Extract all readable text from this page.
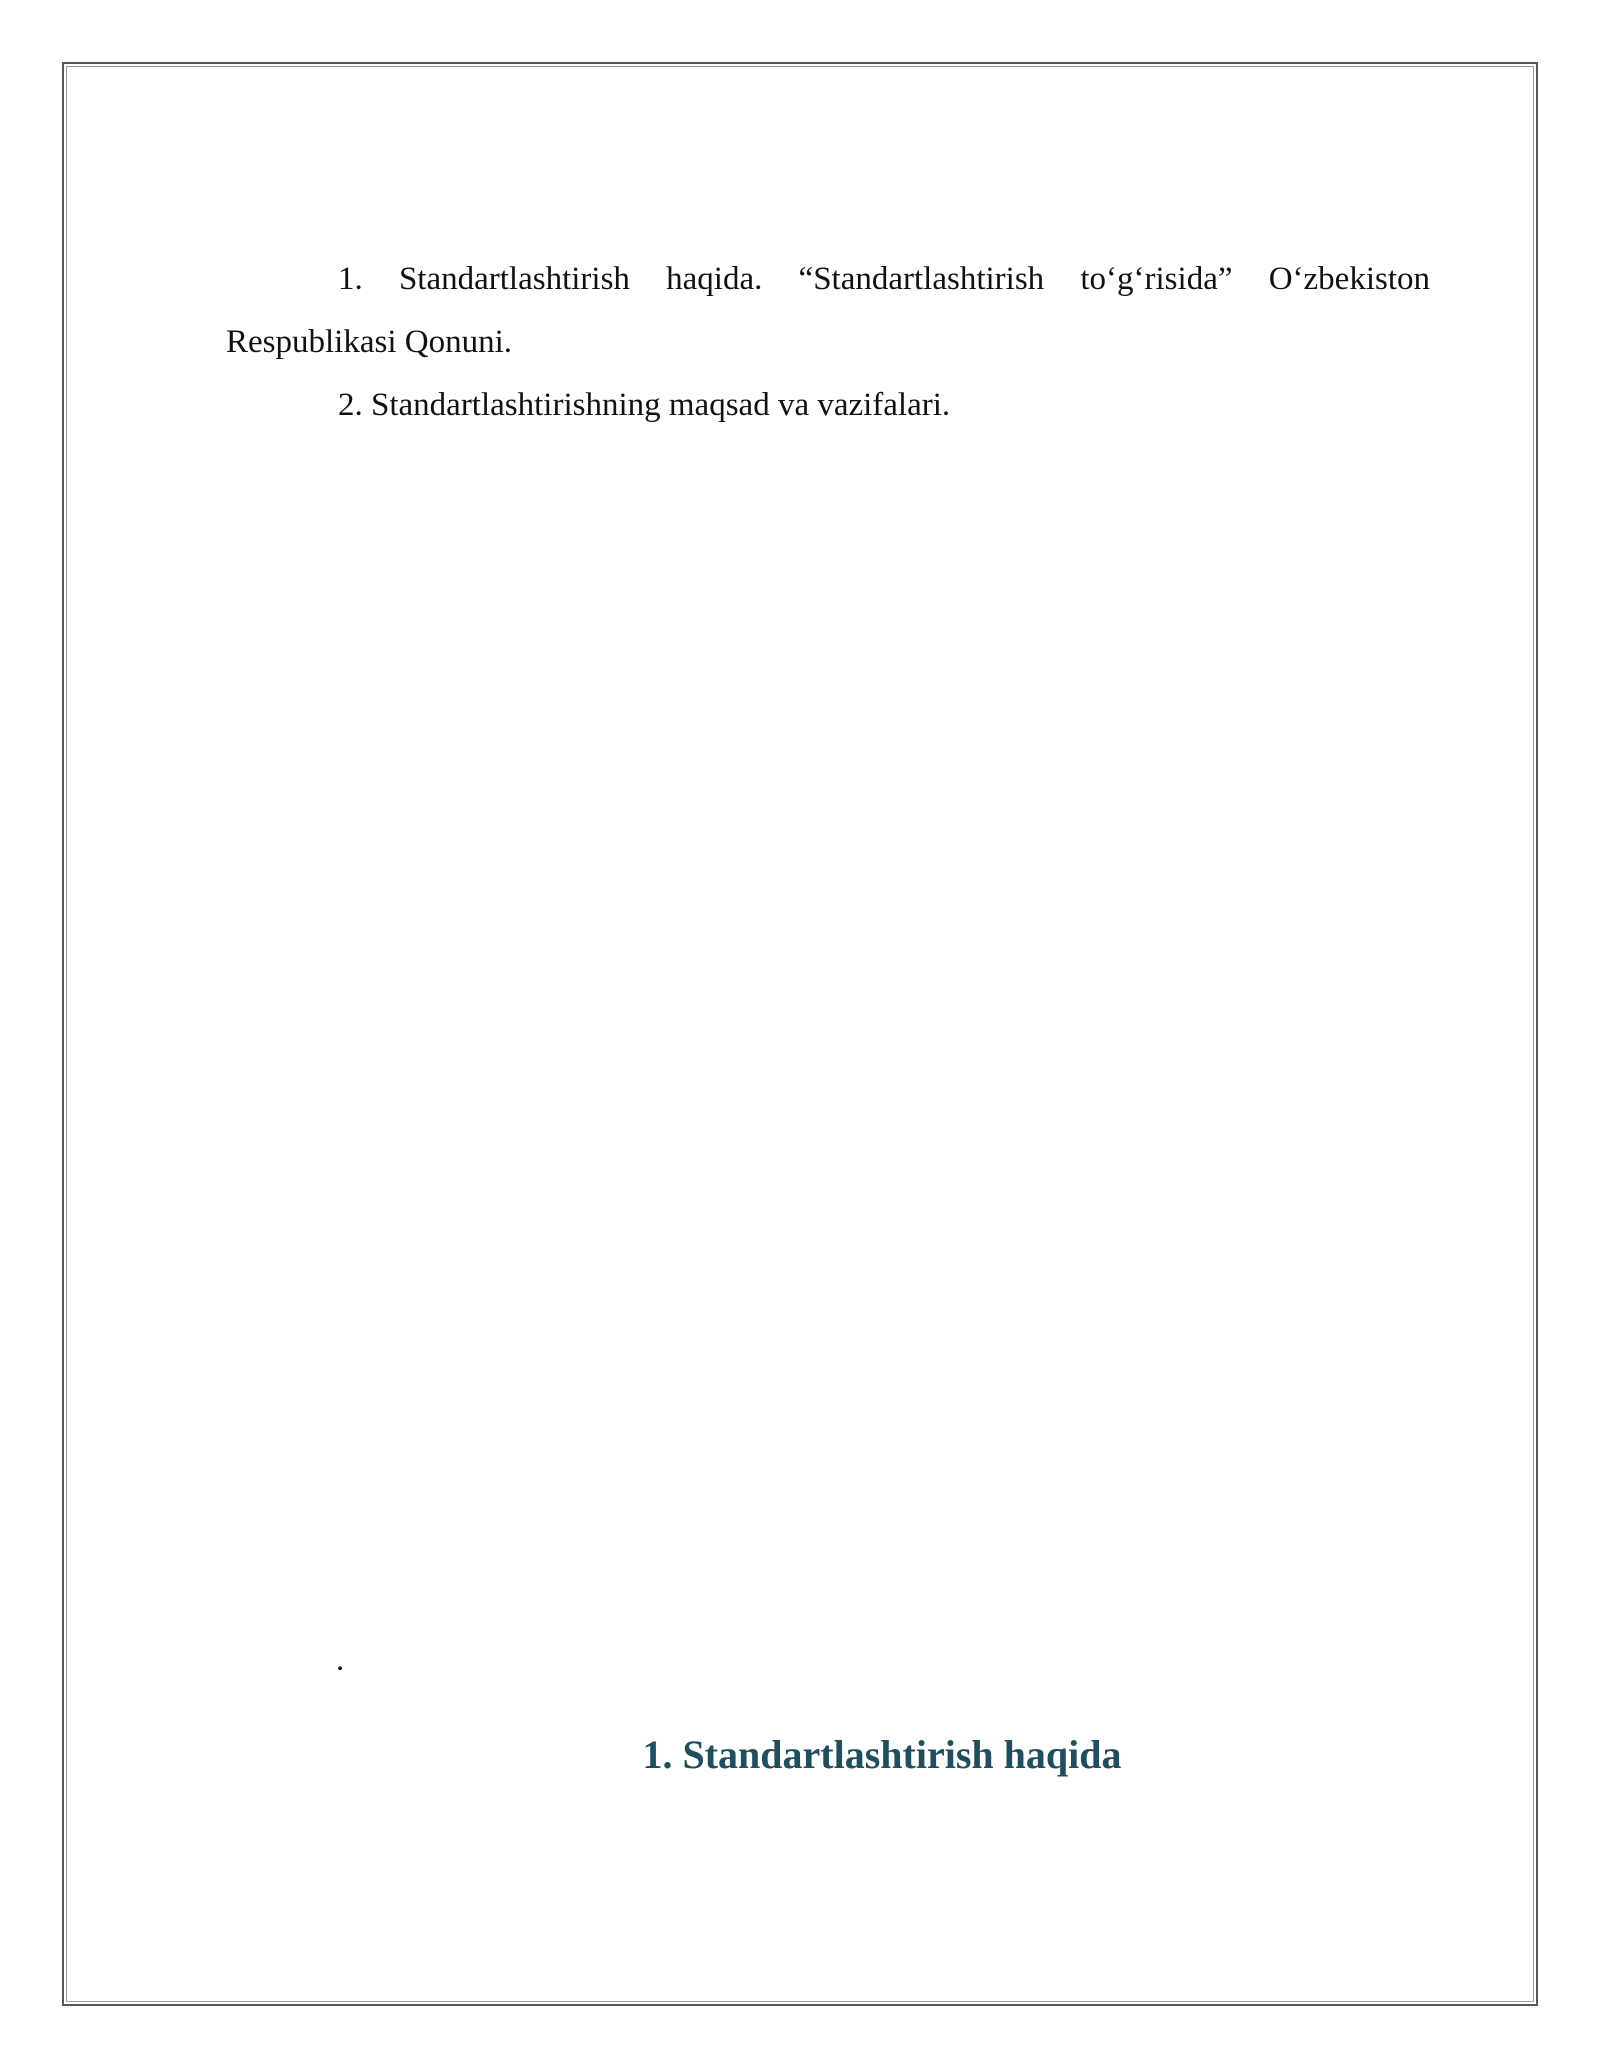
1. Standartlashtirish haqida. “Standartlashtirish to‘g‘risida” O‘zbekiston Respublikasi Qonuni.

2. Standartlashtirishning maqsad va vazifalari.

.
1. Standartlashtirish haqida
